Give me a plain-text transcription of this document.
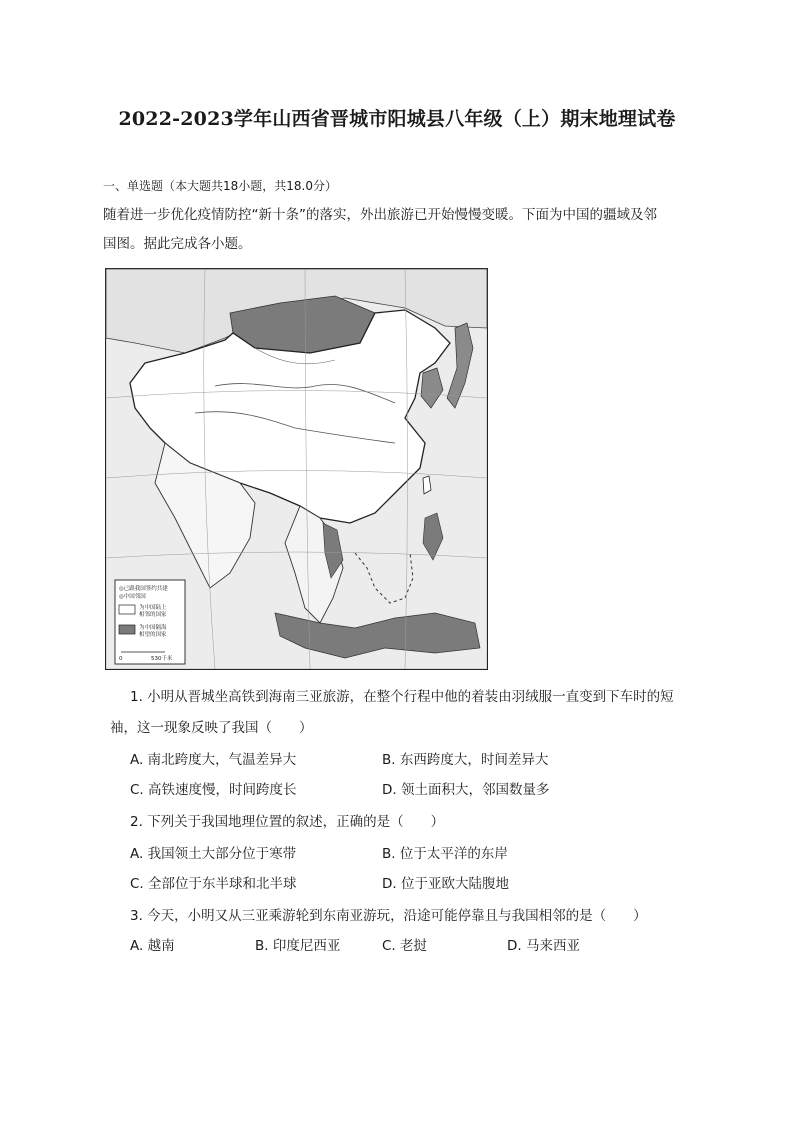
2022-2023学年山西省晋城市阳城县八年级（上）期末地理试卷
一、单选题（本大题共18小题，共18.0分）
随着进一步优化疫情防控“新十条”的落实，外出旅游已开始慢慢变暖。下面为中国的疆域及邻
国图。据此完成各小题。
◎已跟我国签约共建
◎中国邻国
为中国陆上
相邻的国家
为中国隔海
相望的国家
0	530千米
1. 小明从晋城坐高铁到海南三亚旅游，在整个行程中他的着装由羽绒服一直变到下车时的短
袖，这一现象反映了我国（　　）
A. 南北跨度大，气温差异大	B. 东西跨度大，时间差异大
C. 高铁速度慢，时间跨度长	D. 领土面积大，邻国数量多
2. 下列关于我国地理位置的叙述，正确的是（　　）
A. 我国领土大部分位于寒带	B. 位于太平洋的东岸
C. 全部位于东半球和北半球	D. 位于亚欧大陆腹地
3. 今天，小明又从三亚乘游轮到东南亚游玩，沿途可能停靠且与我国相邻的是（　　）
A. 越南	B. 印度尼西亚	C. 老挝	D. 马来西亚
